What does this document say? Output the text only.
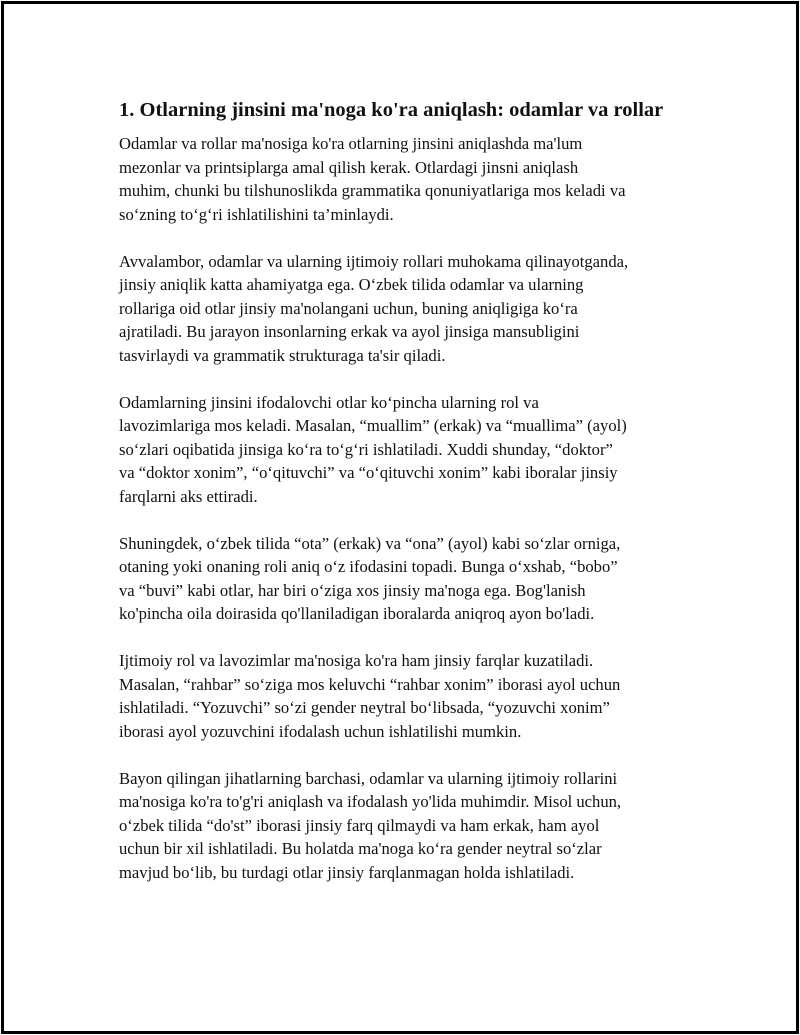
1. Otlarning jinsini ma'noga ko'ra aniqlash: odamlar va rollar

Odamlar va rollar ma'nosiga ko'ra otlarning jinsini aniqlashda ma'lum
mezonlar va printsiplarga amal qilish kerak. Otlardagi jinsni aniqlash
muhim, chunki bu tilshunoslikda grammatika qonuniyatlariga mos keladi va
so‘zning to‘g‘ri ishlatilishini ta’minlaydi.

Avvalambor, odamlar va ularning ijtimoiy rollari muhokama qilinayotganda,
jinsiy aniqlik katta ahamiyatga ega. O‘zbek tilida odamlar va ularning
rollariga oid otlar jinsiy ma'nolangani uchun, buning aniqligiga ko‘ra
ajratiladi. Bu jarayon insonlarning erkak va ayol jinsiga mansubligini
tasvirlaydi va grammatik strukturaga ta'sir qiladi.

Odamlarning jinsini ifodalovchi otlar ko‘pincha ularning rol va
lavozimlariga mos keladi. Masalan, “muallim” (erkak) va “muallima” (ayol)
so‘zlari oqibatida jinsiga ko‘ra to‘g‘ri ishlatiladi. Xuddi shunday, “doktor”
va “doktor xonim”, “o‘qituvchi” va “o‘qituvchi xonim” kabi iboralar jinsiy
farqlarni aks ettiradi.

Shuningdek, o‘zbek tilida “ota” (erkak) va “ona” (ayol) kabi so‘zlar orniga,
otaning yoki onaning roli aniq o‘z ifodasini topadi. Bunga o‘xshab, “bobo”
va “buvi” kabi otlar, har biri o‘ziga xos jinsiy ma'noga ega. Bog'lanish
ko'pincha oila doirasida qo'llaniladigan iboralarda aniqroq ayon bo'ladi.

Ijtimoiy rol va lavozimlar ma'nosiga ko'ra ham jinsiy farqlar kuzatiladi.
Masalan, “rahbar” so‘ziga mos keluvchi “rahbar xonim” iborasi ayol uchun
ishlatiladi. “Yozuvchi” so‘zi gender neytral bo‘libsada, “yozuvchi xonim”
iborasi ayol yozuvchini ifodalash uchun ishlatilishi mumkin.

Bayon qilingan jihatlarning barchasi, odamlar va ularning ijtimoiy rollarini
ma'nosiga ko'ra to'g'ri aniqlash va ifodalash yo'lida muhimdir. Misol uchun,
o‘zbek tilida “do'st” iborasi jinsiy farq qilmaydi va ham erkak, ham ayol
uchun bir xil ishlatiladi. Bu holatda ma'noga ko‘ra gender neytral so‘zlar
mavjud bo‘lib, bu turdagi otlar jinsiy farqlanmagan holda ishlatiladi.
